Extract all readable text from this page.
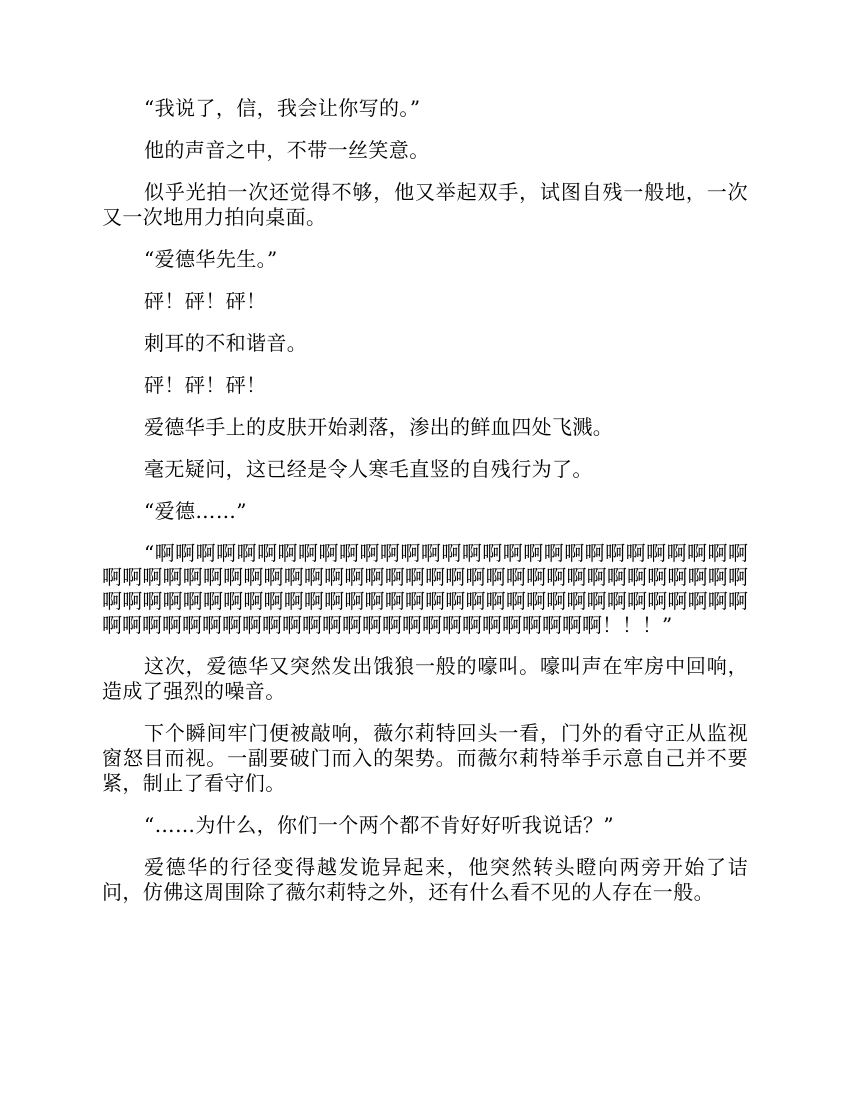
“我说了，信，我会让你写的。”

他的声音之中，不带一丝笑意。

似乎光拍一次还觉得不够，他又举起双手，试图自残一般地，一次又一次地用力拍向桌面。

“爱德华先生。”

砰！砰！砰！

刺耳的不和谐音。

砰！砰！砰！

爱德华手上的皮肤开始剥落，渗出的鲜血四处飞溅。

毫无疑问，这已经是令人寒毛直竖的自残行为了。

“爱德……”

“啊啊啊啊啊啊啊啊啊啊啊啊啊啊啊啊啊啊啊啊啊啊啊啊啊啊啊啊啊啊啊啊啊啊啊啊啊啊啊啊啊啊啊啊啊啊啊啊啊啊啊啊啊啊啊啊啊啊啊啊啊啊啊啊啊啊啊啊啊啊啊啊啊啊啊啊啊啊啊啊啊啊啊啊啊啊啊啊啊啊啊啊啊啊啊啊啊啊啊啊啊啊啊啊啊啊啊啊啊啊啊啊啊啊啊啊啊啊！！！”

这次，爱德华又突然发出饿狼一般的嚎叫。嚎叫声在牢房中回响，造成了强烈的噪音。

下个瞬间牢门便被敲响，薇尔莉特回头一看，门外的看守正从监视窗怒目而视。一副要破门而入的架势。而薇尔莉特举手示意自己并不要紧，制止了看守们。

“……为什么，你们一个两个都不肯好好听我说话？”

爱德华的行径变得越发诡异起来，他突然转头瞪向两旁开始了诘问，仿佛这周围除了薇尔莉特之外，还有什么看不见的人存在一般。
